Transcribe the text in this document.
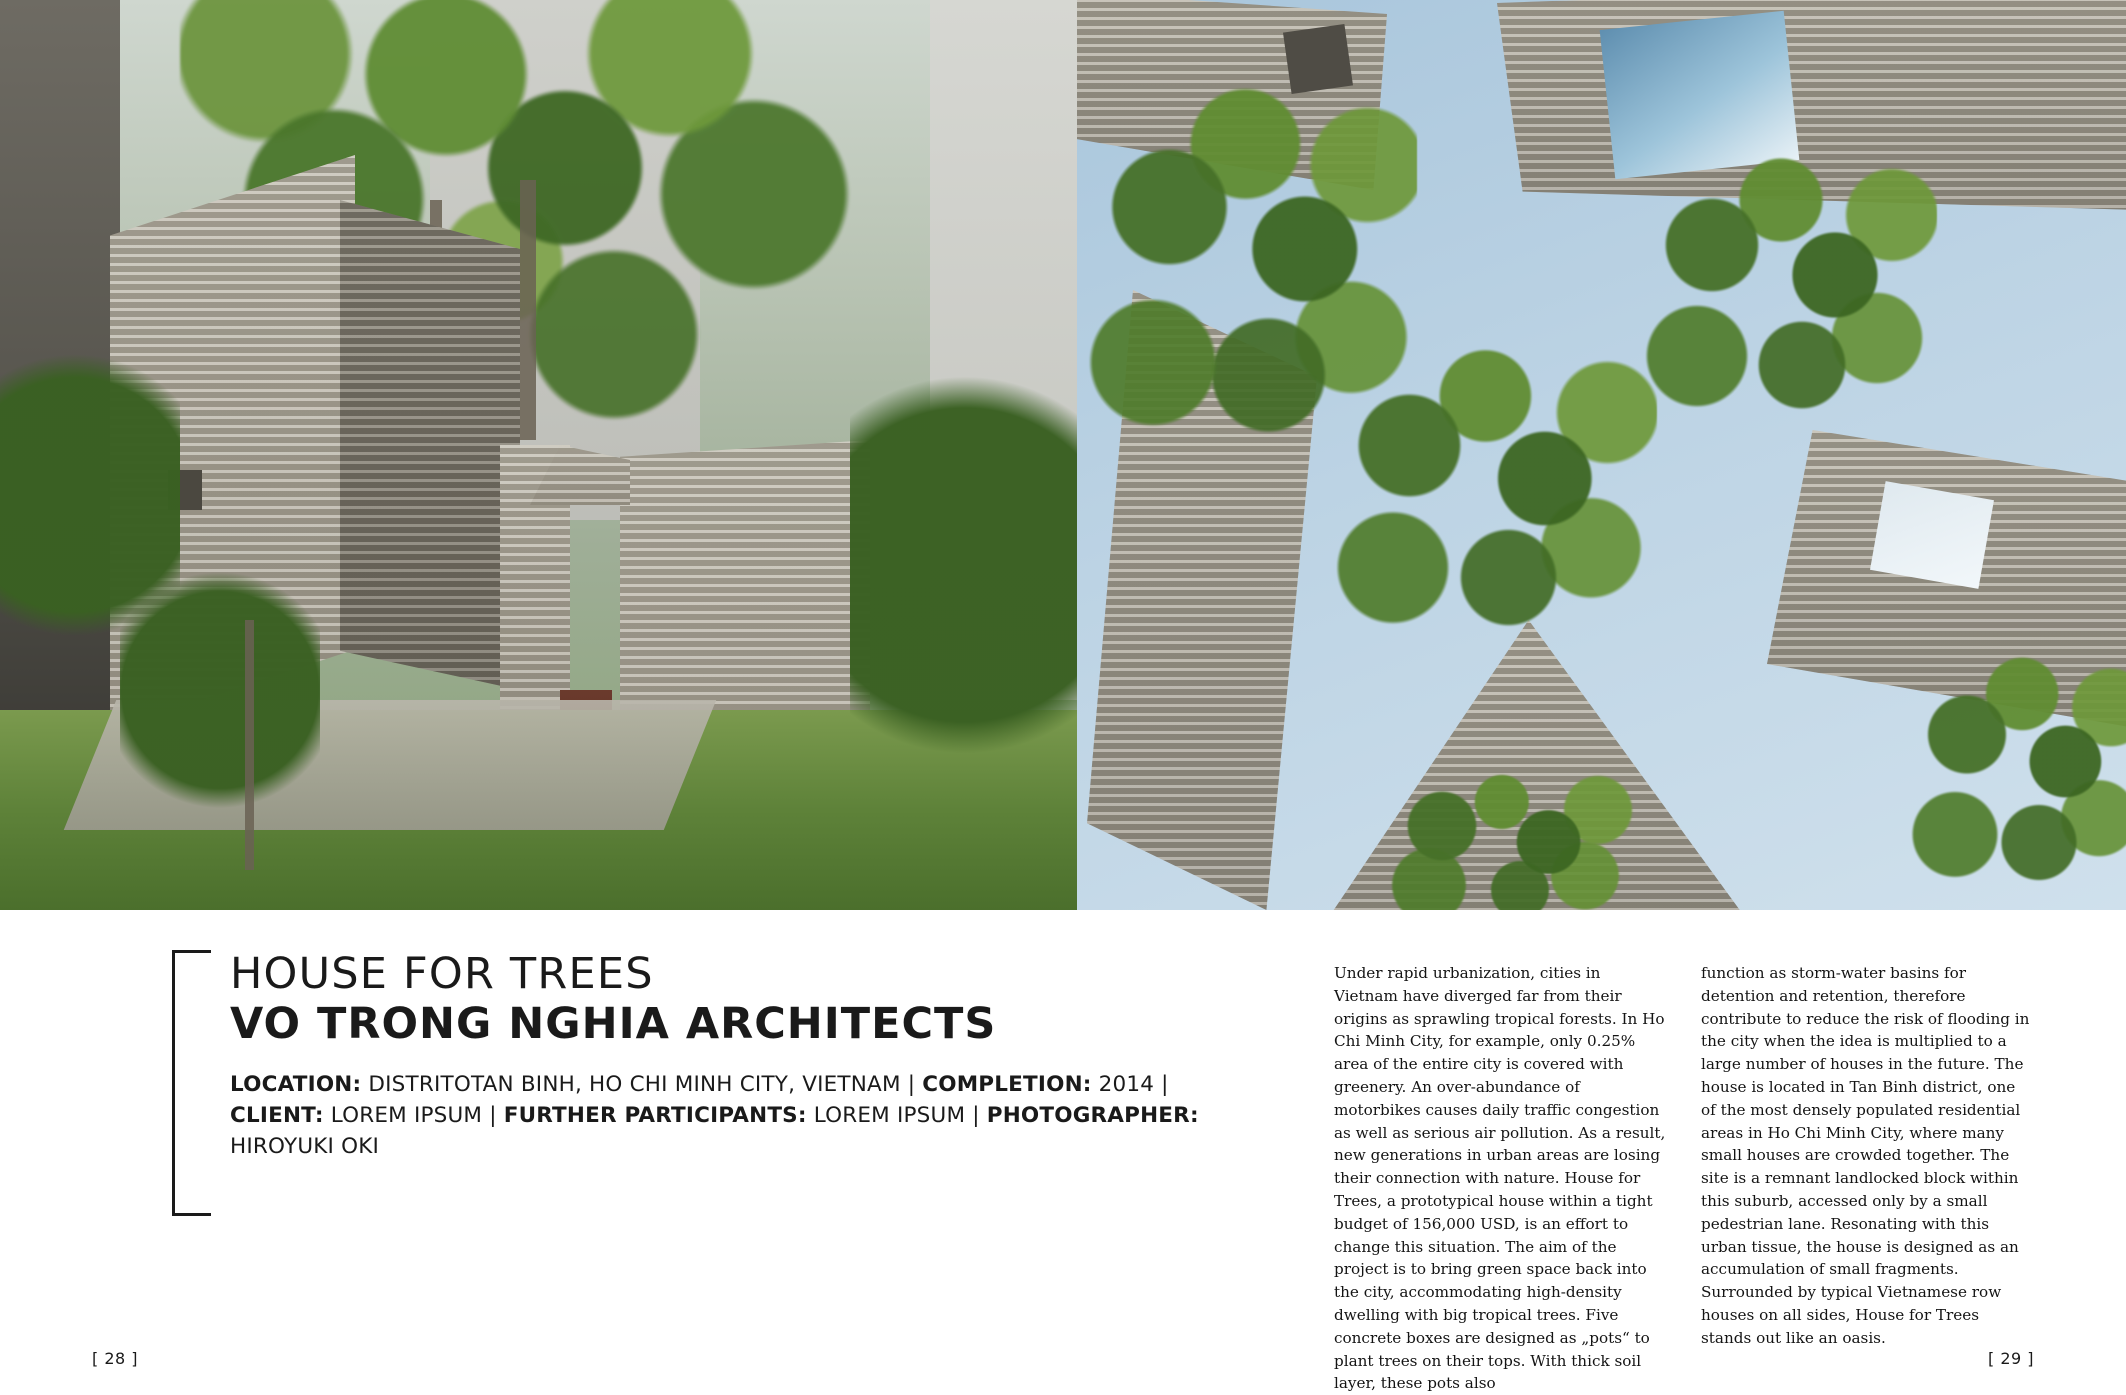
HOUSE FOR TREES
VO TRONG NGHIA ARCHITECTS
LOCATION: DISTRITOTAN BINH, HO CHI MINH CITY, VIETNAM | COMPLETION: 2014 |
CLIENT: LOREM IPSUM | FURTHER PARTICIPANTS: LOREM IPSUM | PHOTOGRAPHER:
HIROYUKI OKI

Under rapid urbanization, cities in Vietnam have diverged far from their origins as sprawling tropical forests. In Ho Chi Minh City, for example, only 0.25% area of the entire city is covered with greenery. An over-abundance of motorbikes causes daily traffic congestion as well as serious air pollution. As a result, new generations in urban areas are losing their connection with nature. House for Trees, a prototypical house within a tight budget of 156,000 USD, is an effort to change this situation. The aim of the project is to bring green space back into the city, accommodating high-density dwelling with big tropical trees. Five concrete boxes are designed as „pots“ to plant trees on their tops. With thick soil layer, these pots also

function as storm-water basins for detention and retention, therefore contribute to reduce the risk of flooding in the city when the idea is multiplied to a large number of houses in the future. The house is located in Tan Binh district, one of the most densely populated residential areas in Ho Chi Minh City, where many small houses are crowded together. The site is a remnant landlocked block within this suburb, accessed only by a small pedestrian lane. Resonating with this urban tissue, the house is designed as an accumulation of small fragments. Surrounded by typical Vietnamese row houses on all sides, House for Trees stands out like an oasis.

[ 28 ]	[ 29 ]
